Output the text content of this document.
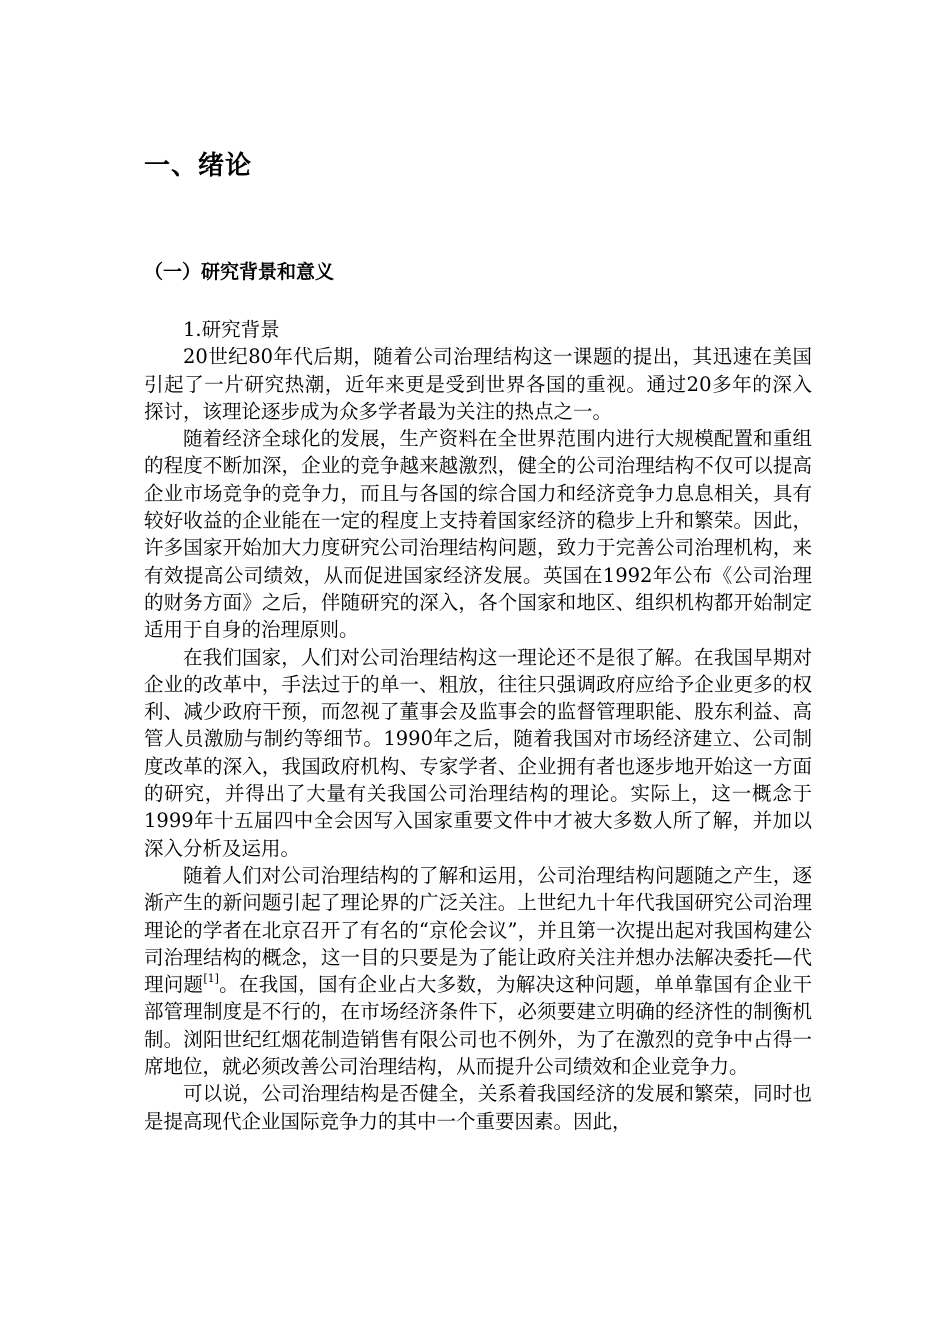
一、绪论
（一）研究背景和意义

1.研究背景

20世纪80年代后期，随着公司治理结构这一课题的提出，其迅速在美国引起了一片研究热潮，近年来更是受到世界各国的重视。通过20多年的深入探讨，该理论逐步成为众多学者最为关注的热点之一。

随着经济全球化的发展，生产资料在全世界范围内进行大规模配置和重组的程度不断加深，企业的竞争越来越激烈，健全的公司治理结构不仅可以提高企业市场竞争的竞争力，而且与各国的综合国力和经济竞争力息息相关，具有较好收益的企业能在一定的程度上支持着国家经济的稳步上升和繁荣。因此，许多国家开始加大力度研究公司治理结构问题，致力于完善公司治理机构，来有效提高公司绩效，从而促进国家经济发展。英国在1992年公布《公司治理的财务方面》之后，伴随研究的深入，各个国家和地区、组织机构都开始制定适用于自身的治理原则。

在我们国家，人们对公司治理结构这一理论还不是很了解。在我国早期对企业的改革中，手法过于的单一、粗放，往往只强调政府应给予企业更多的权利、减少政府干预，而忽视了董事会及监事会的监督管理职能、股东利益、高管人员激励与制约等细节。1990年之后，随着我国对市场经济建立、公司制度改革的深入，我国政府机构、专家学者、企业拥有者也逐步地开始这一方面的研究，并得出了大量有关我国公司治理结构的理论。实际上，这一概念于1999年十五届四中全会因写入国家重要文件中才被大多数人所了解，并加以深入分析及运用。

随着人们对公司治理结构的了解和运用，公司治理结构问题随之产生，逐渐产生的新问题引起了理论界的广泛关注。上世纪九十年代我国研究公司治理理论的学者在北京召开了有名的“京伦会议”，并且第一次提出起对我国构建公司治理结构的概念，这一目的只要是为了能让政府关注并想办法解决委托—代理问题[1]。在我国，国有企业占大多数，为解决这种问题，单单靠国有企业干部管理制度是不行的，在市场经济条件下，必须要建立明确的经济性的制衡机制。浏阳世纪红烟花制造销售有限公司也不例外，为了在激烈的竞争中占得一席地位，就必须改善公司治理结构，从而提升公司绩效和企业竞争力。

可以说，公司治理结构是否健全，关系着我国经济的发展和繁荣，同时也是提高现代企业国际竞争力的其中一个重要因素。因此，
